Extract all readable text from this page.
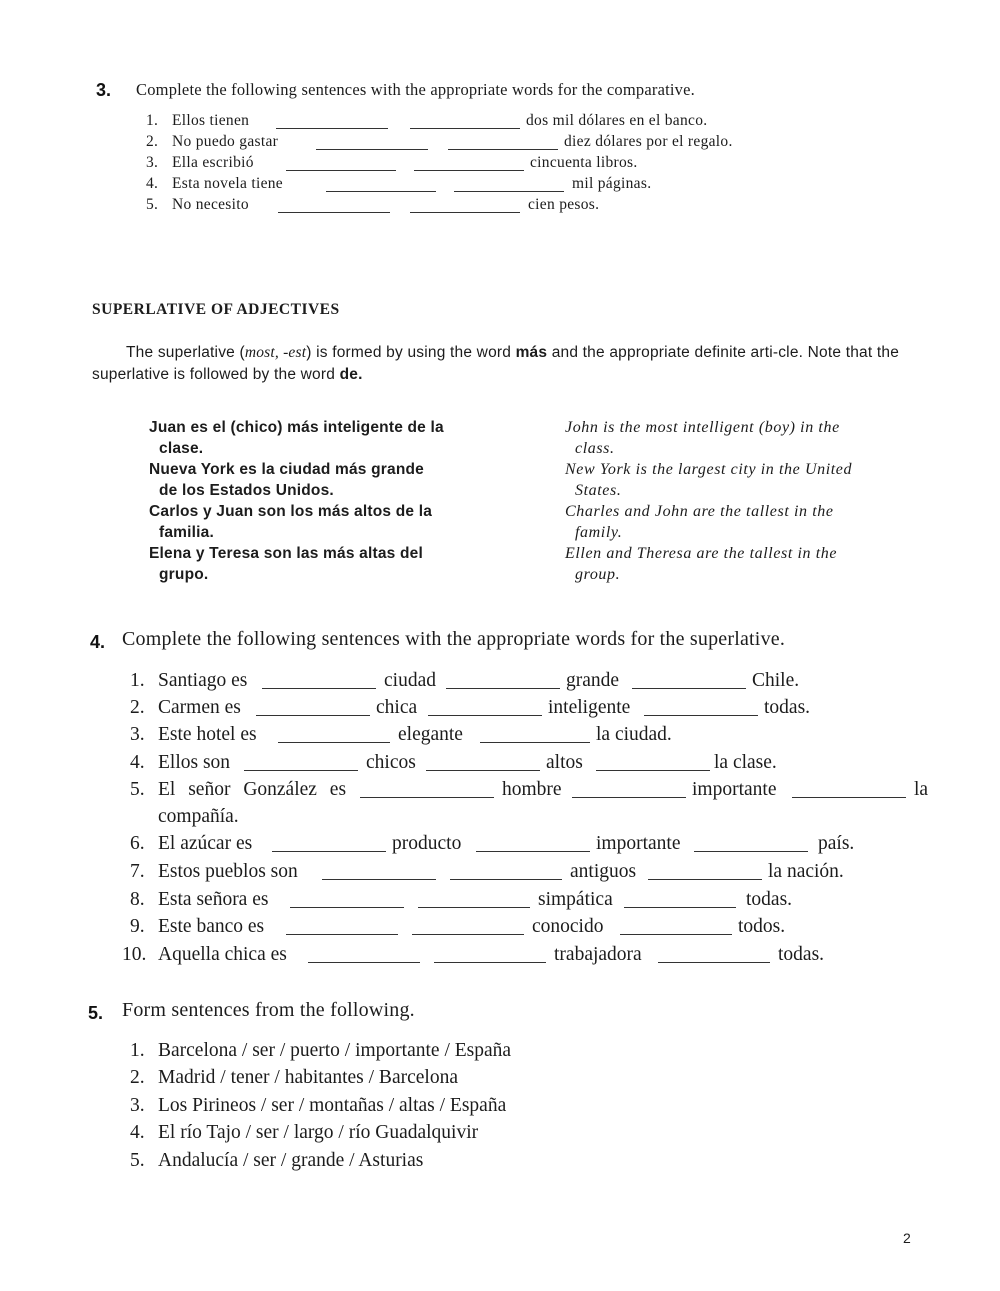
3. Complete the following sentences with the appropriate words for the comparative.
1. Ellos tienen	dos mil dólares en el banco.
2. No puedo gastar	diez dólares por el regalo.
3. Ella escribió	cincuenta libros.
4. Esta novela tiene	mil páginas.
5. No necesito	cien pesos.
SUPERLATIVE OF ADJECTIVES
The superlative (most, -est) is formed by using the word más and the appropriate definite arti-cle. Note that the superlative is followed by the word de.
Juan es el (chico) más inteligente de la
clase.
John is the most intelligent (boy) in the
class.
Nueva York es la ciudad más grande
de los Estados Unidos.
New York is the largest city in the United
States.
Carlos y Juan son los más altos de la
familia.
Charles and John are the tallest in the
family.
Elena y Teresa son las más altas del
grupo.
Ellen and Theresa are the tallest in the
group.
4. Complete the following sentences with the appropriate words for the superlative.
1. Santiago es	ciudad	grande	Chile.
2. Carmen es	chica	inteligente	todas.
3. Este hotel es	elegante	la ciudad.
4. Ellos son	chicos	altos	la clase.
5. El señor González es	hombre	importante	la
compañía.
6. El azúcar es	producto	importante	país.
7. Estos pueblos son	antiguos	la nación.
8. Esta señora es	simpática	todas.
9. Este banco es	conocido	todos.
10. Aquella chica es	trabajadora	todas.
5. Form sentences from the following.
1. Barcelona / ser / puerto / importante / España
2. Madrid / tener / habitantes / Barcelona
3. Los Pirineos / ser / montañas / altas / España
4. El río Tajo / ser / largo / río Guadalquivir
5. Andalucía / ser / grande / Asturias
2
